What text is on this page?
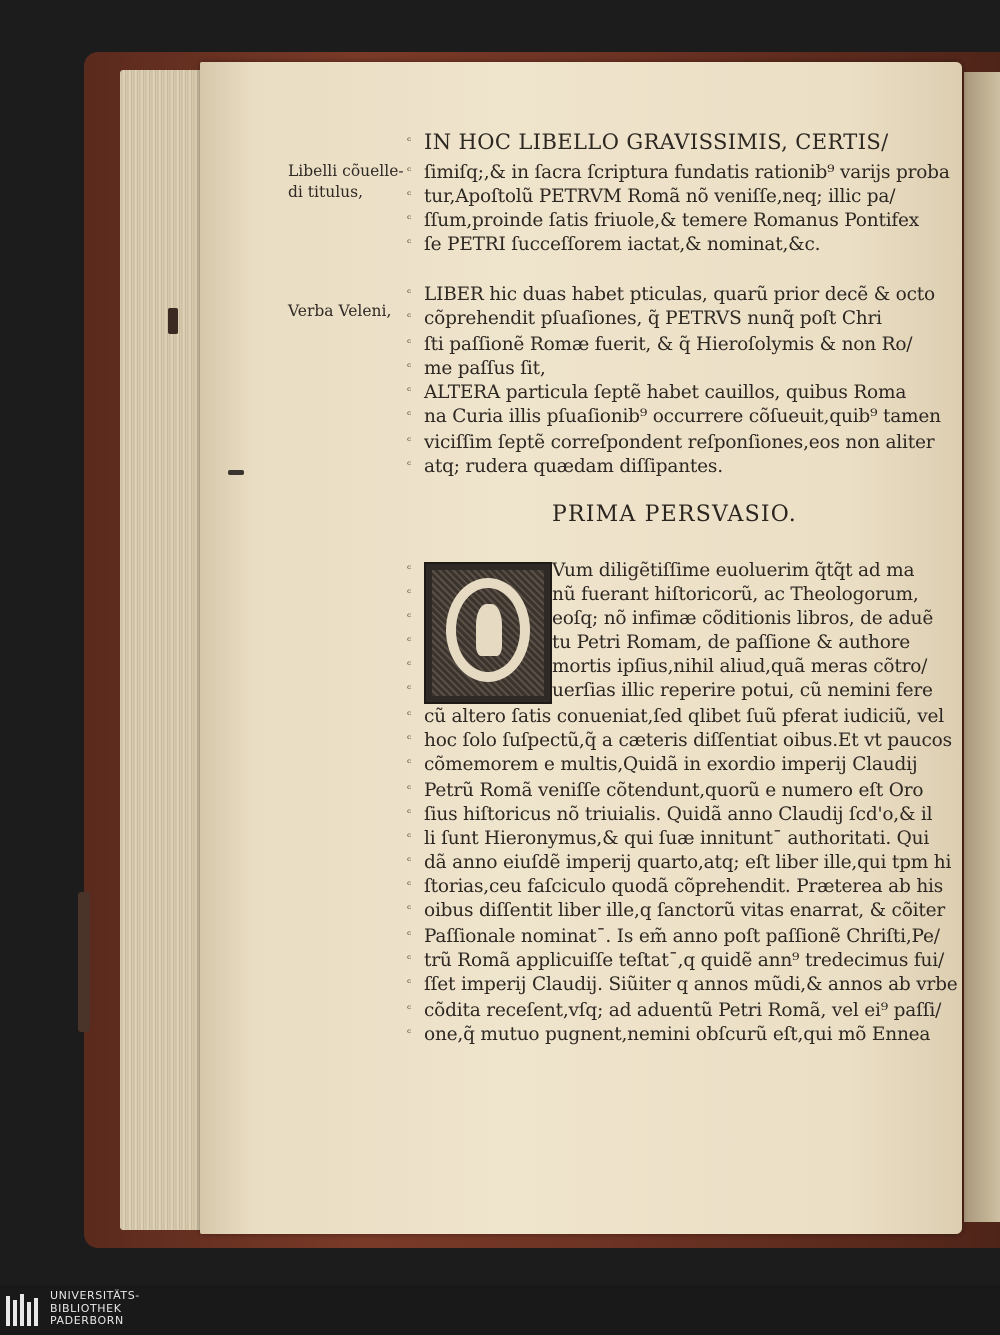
Libelli cõuelle-
di titulus,
Verba Veleni,
IN HOC LIBELLO GRAVISSIMIS, CERTIS/
ſimiſq;,& in ſacra ſcriptura fundatis rationib⁹ varijs proba
tur,Apoſtolũ PETRVM Romã nõ veniſſe,neq; illic pa/
ſſum,proinde ſatis friuole,& temere Romanus Pontifex
ſe PETRI ſucceſſorem iactat,& nominat,&c.
LIBER hic duas habet pticulas, quarũ prior decẽ & octo
cõprehendit pſuaſiones, q̃ PETRVS nunq̃ poſt Chri
ſti paſſionẽ Romæ fuerit, & q̃ Hieroſolymis & non Ro/
me paſſus ſit,
ALTERA particula ſeptẽ habet cauillos, quibus Roma
na Curia illis pſuaſionib⁹ occurrere cõſueuit,quib⁹ tamen
viciſſim ſeptẽ correſpondent reſponſiones,eos non aliter
atq; rudera quædam diſſipantes.
PRIMA PERSVASIO.
Vum diligẽtiſſime euoluerim q̃tq̃t ad ma
nũ fuerant hiſtoricorũ, ac Theologorum,
eoſq; nõ infimæ cõditionis libros, de aduẽ
tu Petri Romam, de paſſione & authore
mortis ipſius,nihil aliud,quã meras cõtro/
uerſias illic reperire potui, cũ nemini fere
cũ altero ſatis conueniat,ſed qlibet ſuũ pferat iudiciũ, vel
hoc ſolo ſuſpectũ,q̃ a cæteris diſſentiat oibus.Et vt paucos
cõmemorem e multis,Quidã in exordio imperij Claudij
Petrũ Romã veniſſe cõtendunt,quorũ e numero eſt Oro
ſius hiſtoricus nõ triuialis. Quidã anno Claudij ſcd'o,& il
li ſunt Hieronymus,& qui ſuæ innituntˉ authoritati. Qui
dã anno eiuſdẽ imperij quarto,atq; eſt liber ille,qui tpm hi
ſtorias,ceu faſciculo quodã cõprehendit. Præterea ab his
oibus diſſentit liber ille,q ſanctorũ vitas enarrat, & cõiter
Paſſionale nominatˉ. Is em̃ anno poſt paſſionẽ Chriſti,Pe/
trũ Romã applicuiſſe teſtatˉ,q quidẽ ann⁹ tredecimus fui/
ſſet imperij Claudij. Siũiter q annos mũdi,& annos ab vrbe
cõdita receſent,vſq; ad aduentũ Petri Romã, vel ei⁹ paſſi/
one,q̃ mutuo pugnent,nemini obſcurũ eſt,qui mõ Ennea
ᶜ
ᶜ
ᶜ
ᶜ
ᶜ
ᶜ
ᶜ
ᶜ
ᶜ
ᶜ
ᶜ
ᶜ
ᶜ
ᶜ
ᶜ
ᶜ
ᶜ
ᶜ
ᶜ
ᶜ
ᶜ
ᶜ
ᶜ
ᶜ
ᶜ
ᶜ
ᶜ
ᶜ
ᶜ
ᶜ
ᶜ
ᶜ
ᶜ
UNIVERSITÄTS-
BIBLIOTHEK
PADERBORN
